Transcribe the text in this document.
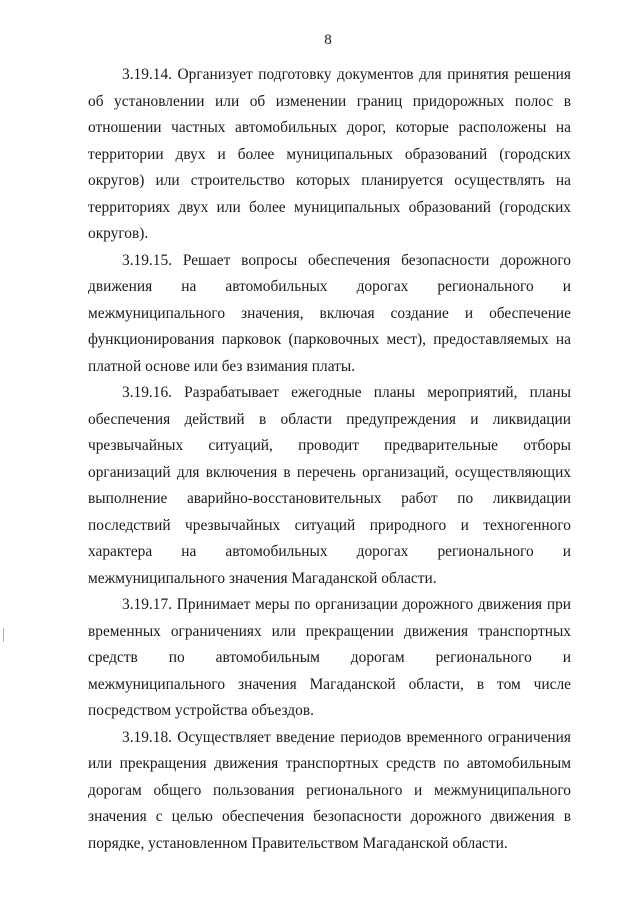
8

3.19.14. Организует подготовку документов для принятия решения об установлении или об изменении границ придорожных полос в отношении частных автомобильных дорог, которые расположены на территории двух и более муниципальных образований (городских округов) или строительство которых планируется осуществлять на территориях двух или более муниципальных образований (городских округов).

3.19.15. Решает вопросы обеспечения безопасности дорожного движения на автомобильных дорогах регионального и межмуниципального значения, включая создание и обеспечение функционирования парковок (парковочных мест), предоставляемых на платной основе или без взимания платы.

3.19.16. Разрабатывает ежегодные планы мероприятий, планы обеспечения действий в области предупреждения и ликвидации чрезвычайных ситуаций, проводит предварительные отборы организаций для включения в перечень организаций, осуществляющих выполнение аварийно-восстановительных работ по ликвидации последствий чрезвычайных ситуаций природного и техногенного характера на автомобильных дорогах регионального и межмуниципального значения Магаданской области.

3.19.17. Принимает меры по организации дорожного движения при временных ограничениях или прекращении движения транспортных средств по автомобильным дорогам регионального и межмуниципального значения Магаданской области, в том числе посредством устройства объездов.

3.19.18. Осуществляет введение периодов временного ограничения или прекращения движения транспортных средств по автомобильным дорогам общего пользования регионального и межмуниципального значения с целью обеспечения безопасности дорожного движения в порядке, установленном Правительством Магаданской области.
